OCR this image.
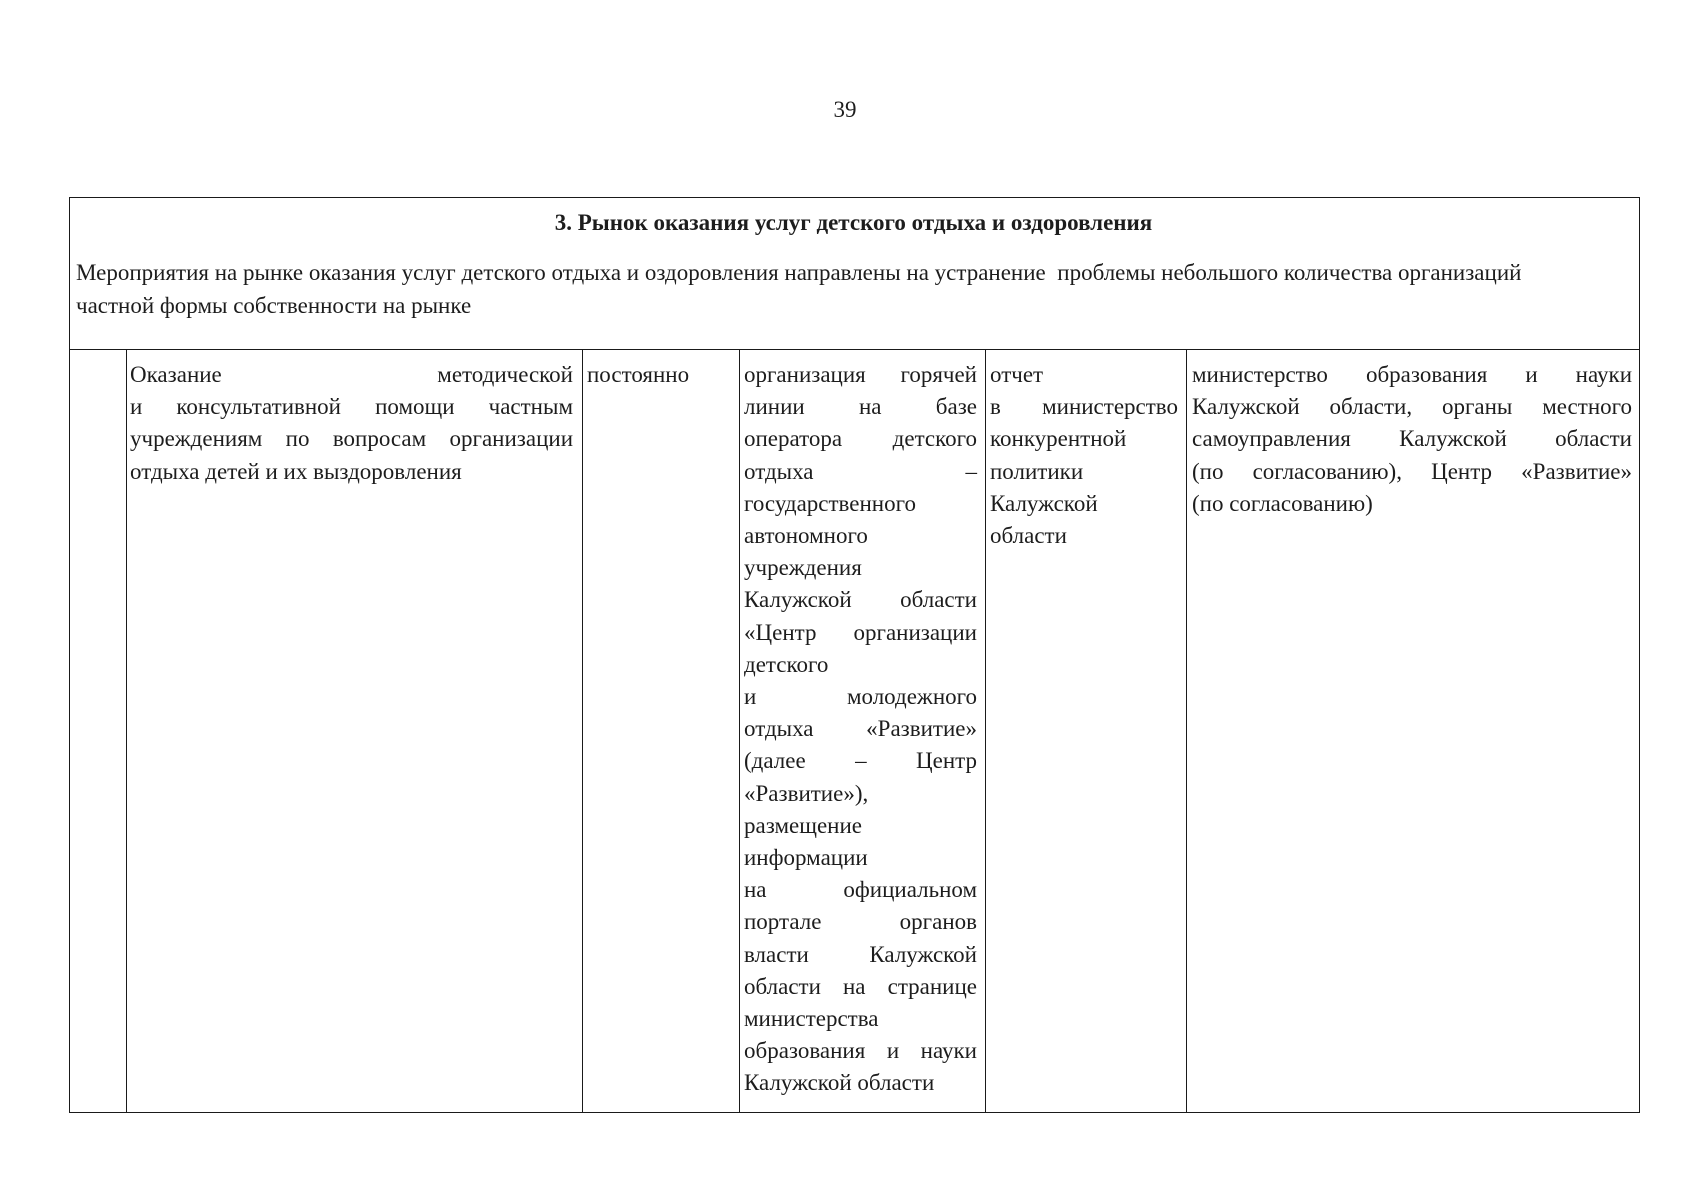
39
3. Рынок оказания услуг детского отдыха и оздоровления
Мероприятия на рынке оказания услуг детского отдыха и оздоровления направлены на устранение  проблемы небольшого количества организаций
частной формы собственности на рынке
Оказание методической
и консультативной помощи частным
учреждениям по вопросам организации
отдыха детей и их выздоровления
постоянно	организация горячей
линии на базе
оператора детского
отдыха –
государственного
автономного
учреждения
Калужской области
«Центр организации
детского
и молодежного
отдыха «Развитие»
(далее – Центр
«Развитие»),
размещение
информации
на официальном
портале органов
власти Калужской
области на странице
министерства
образования и науки
Калужской области
отчет
в министерство
конкурентной
политики
Калужской
области
министерство образования и науки
Калужской области, органы местного
самоуправления Калужской области
(по согласованию), Центр «Развитие»
(по согласованию)
